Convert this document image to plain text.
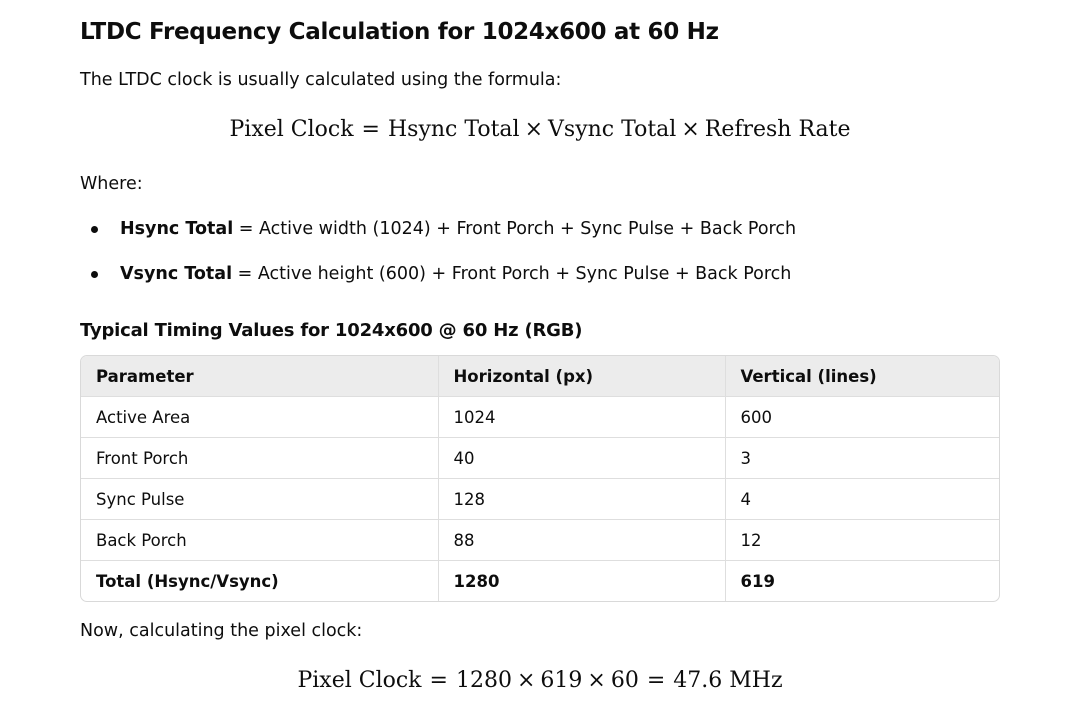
LTDC Frequency Calculation for 1024x600 at 60 Hz

The LTDC clock is usually calculated using the formula:

Pixel Clock = Hsync Total × Vsync Total × Refresh Rate

Where:

Hsync Total = Active width (1024) + Front Porch + Sync Pulse + Back Porch
Vsync Total = Active height (600) + Front Porch + Sync Pulse + Back Porch
Typical Timing Values for 1024x600 @ 60 Hz (RGB)
Parameter	Horizontal (px)	Vertical (lines)
Active Area	1024	600
Front Porch	40	3
Sync Pulse	128	4
Back Porch	88	12
Total (Hsync/Vsync)	1280	619

Now, calculating the pixel clock:

Pixel Clock = 1280 × 619 × 60 = 47.6 MHz
